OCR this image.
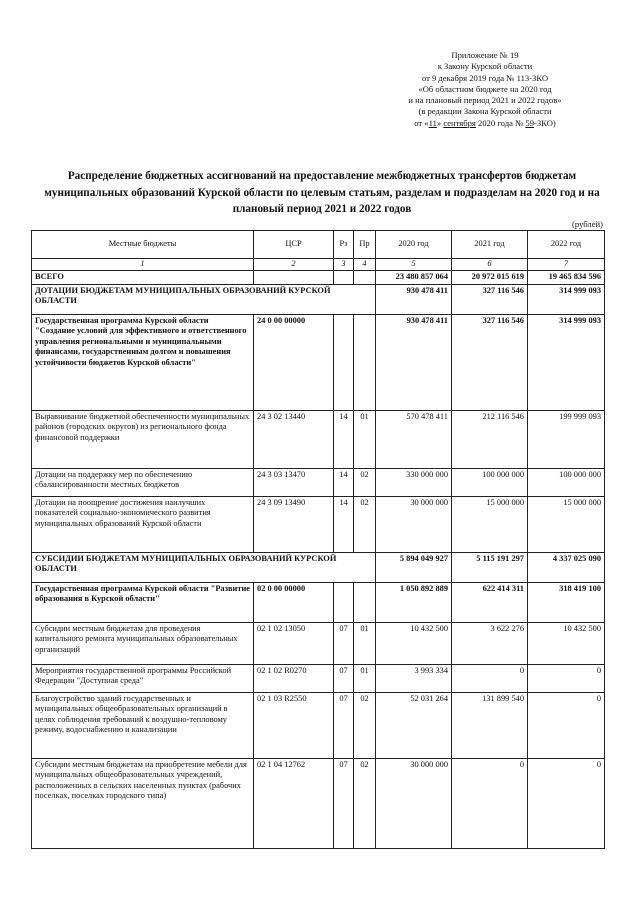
Приложение № 19
к Закону Курской области
от 9 декабря 2019 года № 113-ЗКО
«Об областном бюджете на 2020 год
и на плановый период 2021 и 2022 годов»
(в редакции Закона Курской области
от «11» сентября 2020 года № 59-ЗКО)
Распределение бюджетных ассигнований на предоставление межбюджетных трансфертов бюджетам муниципальных образований Курской области по целевым статьям, разделам и подразделам на 2020 год и на плановый период 2021 и 2022 годов
(рублей)
Местные бюджеты	ЦСР	Рз	Пр	2020 год	2021 год	2022 год
1	2	3	4	5	6	7
ВСЕГО				23 480 857 064	20 972 015 619	19 465 834 596
ДОТАЦИИ БЮДЖЕТАМ МУНИЦИПАЛЬНЫХ ОБРАЗОВАНИЙ КУРСКОЙ ОБЛАСТИ				930 478 411	327 116 546	314 999 093
Государственная программа Курской области "Создание условий для эффективного и ответственного управления региональными и муниципальными финансами, государственным долгом и повышения устойчивости бюджетов Курской области"	24 0 00 00000			930 478 411	327 116 546	314 999 093
Выравнивание бюджетной обеспеченности муниципальных районов (городских округов) из регионального фонда финансовой поддержки	24 3 02 13440	14	01	570 478 411	212 116 546	199 999 093
Дотации на поддержку мер по обеспечению сбалансированности местных бюджетов	24 3 03 13470	14	02	330 000 000	100 000 000	100 000 000
Дотации на поощрение достижения наилучших показателей социально-экономического развития муниципальных образований Курской области	24 3 09 13490	14	02	30 000 000	15 000 000	15 000 000
СУБСИДИИ БЮДЖЕТАМ МУНИЦИПАЛЬНЫХ ОБРАЗОВАНИЙ КУРСКОЙ ОБЛАСТИ				5 894 049 927	5 115 191 297	4 337 025 090
Государственная программа Курской области "Развитие образования в Курской области"	02 0 00 00000			1 050 892 889	622 414 311	318 419 100
Субсидии местным бюджетам для проведения капитального ремонта муниципальных образовательных организаций	02 1 02 13050	07	01	10 432 500	3 622 276	10 432 500
Мероприятия государственной программы Российской Федерации "Доступная среда"	02 1 02 R0270	07	01	3 993 334	0	0
Благоустройство зданий государственных и муниципальных общеобразовательных организаций в целях соблюдения требований к воздушно-тепловому режиму, водоснабжению и канализации	02 1 03 R2550	07	02	52 031 264	131 899 540	0
Субсидии местным бюджетам на приобретение мебели для муниципальных общеобразовательных учреждений, расположенных в сельских населенных пунктах (рабочих поселках, поселках городского типа)	02 1 04 12762	07	02	30 000 000	0	0
